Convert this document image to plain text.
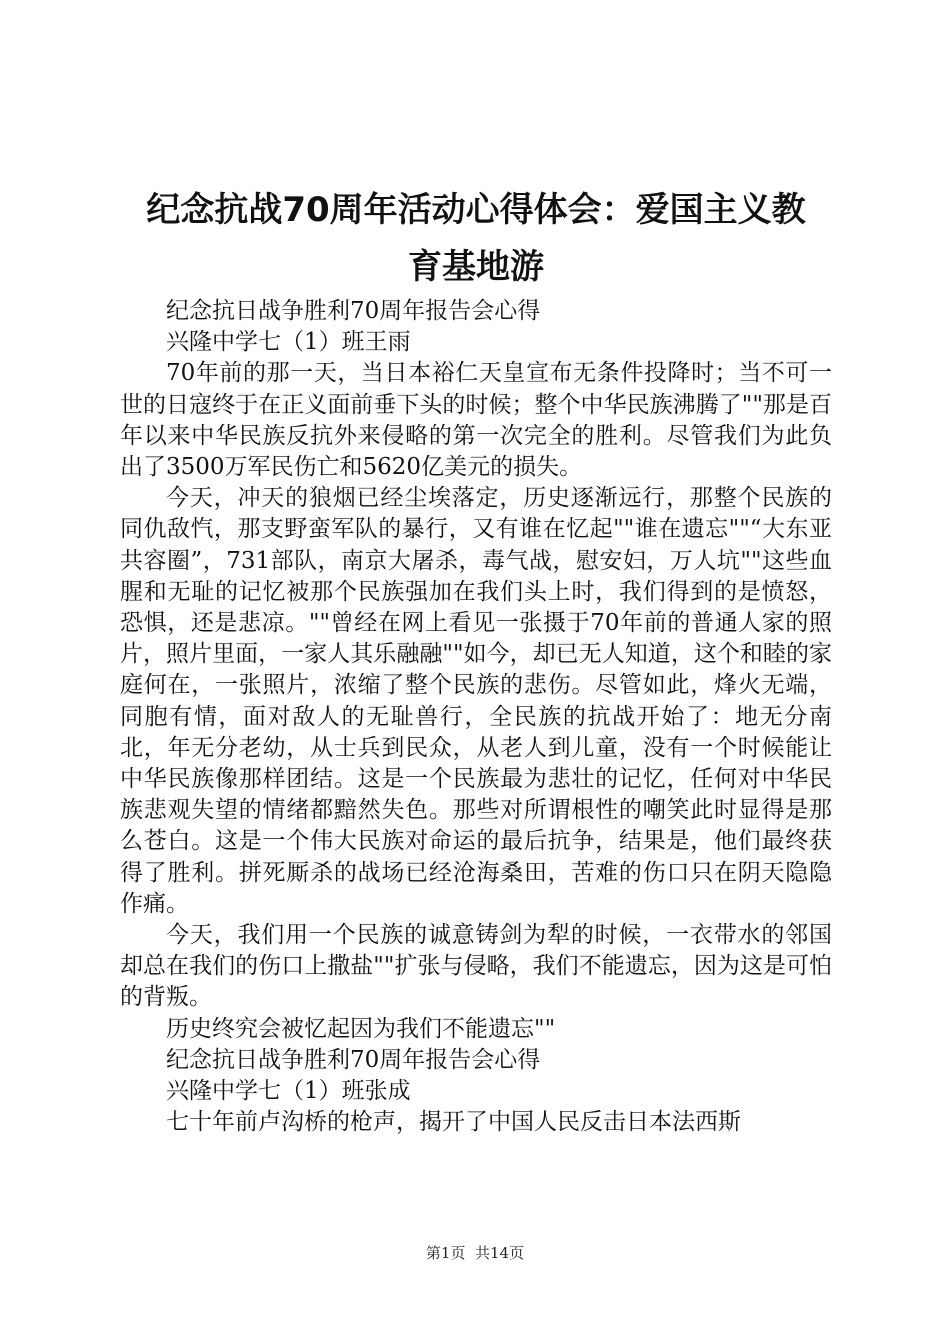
纪念抗战70周年活动心得体会：爱国主义教
育基地游

纪念抗日战争胜利70周年报告会心得

兴隆中学七（1）班王雨

70年前的那一天，当日本裕仁天皇宣布无条件投降时；当不可一世的日寇终于在正义面前垂下头的时候；整个中华民族沸腾了""那是百年以来中华民族反抗外来侵略的第一次完全的胜利。尽管我们为此负出了3500万军民伤亡和5620亿美元的损失。

今天，冲天的狼烟已经尘埃落定，历史逐渐远行，那整个民族的同仇敌忾，那支野蛮军队的暴行，又有谁在忆起""谁在遗忘""“大东亚共容圈”，731部队，南京大屠杀，毒气战，慰安妇，万人坑""这些血腥和无耻的记忆被那个民族强加在我们头上时，我们得到的是愤怒，恐惧，还是悲凉。""曾经在网上看见一张摄于70年前的普通人家的照片，照片里面，一家人其乐融融""如今，却已无人知道，这个和睦的家庭何在，一张照片，浓缩了整个民族的悲伤。尽管如此，烽火无端，同胞有情，面对敌人的无耻兽行，全民族的抗战开始了：地无分南北，年无分老幼，从士兵到民众，从老人到儿童，没有一个时候能让中华民族像那样团结。这是一个民族最为悲壮的记忆，任何对中华民族悲观失望的情绪都黯然失色。那些对所谓根性的嘲笑此时显得是那么苍白。这是一个伟大民族对命运的最后抗争，结果是，他们最终获得了胜利。拼死厮杀的战场已经沧海桑田，苦难的伤口只在阴天隐隐作痛。

今天，我们用一个民族的诚意铸剑为犁的时候，一衣带水的邻国却总在我们的伤口上撒盐""扩张与侵略，我们不能遗忘，因为这是可怕的背叛。

历史终究会被忆起因为我们不能遗忘""

纪念抗日战争胜利70周年报告会心得

兴隆中学七（1）班张成

七十年前卢沟桥的枪声，揭开了中国人民反击日本法西斯

第1页  共14页
